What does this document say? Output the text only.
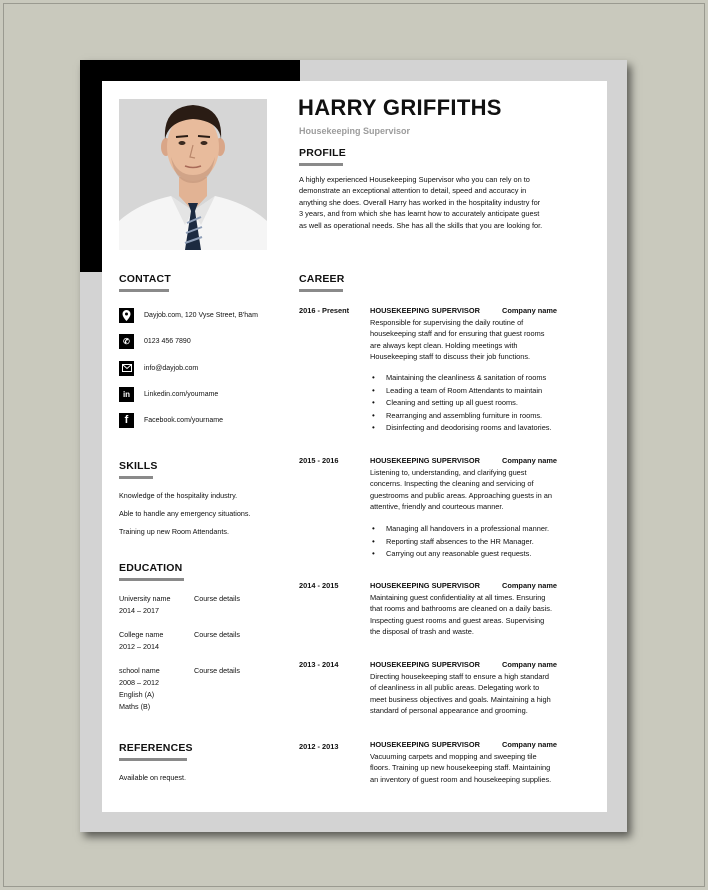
HARRY GRIFFITHS
Housekeeping Supervisor
PROFILE
A highly experienced Housekeeping Supervisor who you can rely on to
demonstrate an exceptional attention to detail, speed and accuracy in
anything she does. Overall Harry has worked in the hospitality industry for
3 years, and from which she has learnt how to accurately anticipate guest
as well as operational needs. She has all the skills that you are looking for.
CONTACT
Dayjob.com, 120 Vyse Street, B'ham
✆	0123 456 7890
info@dayjob.com
in	Linkedin.com/yourname
f	Facebook.com/yourname
SKILLS
Knowledge of the hospitality industry.
Able to handle any emergency situations.
Training up new Room Attendants.
EDUCATION
University name	Course details
2014 – 2017
College name	Course details
2012 – 2014
school name	Course details
2008 – 2012
English (A)
Maths (B)
REFERENCES
Available on request.
CAREER
2016 - Present	HOUSEKEEPING SUPERVISOR	Company name
Responsible for supervising the daily routine of
housekeeping staff and for ensuring that guest rooms
are always kept clean. Holding meetings with
Housekeeping staff to discuss their job functions.
• Maintaining the cleanliness & sanitation of rooms
• Leading a team of Room Attendants to maintain
• Cleaning and setting up all guest rooms.
• Rearranging and assembling furniture in rooms.
• Disinfecting and deodorising rooms and lavatories.
2015 - 2016	HOUSEKEEPING SUPERVISOR	Company name
Listening to, understanding, and clarifying guest
concerns. Inspecting the cleaning and servicing of
guestrooms and public areas. Approaching guests in an
attentive, friendly and courteous manner.
• Managing all handovers in a professional manner.
• Reporting staff absences to the HR Manager.
• Carrying out any reasonable guest requests.
2014 - 2015	HOUSEKEEPING SUPERVISOR	Company name
Maintaining guest confidentiality at all times. Ensuring
that rooms and bathrooms are cleaned on a daily basis.
Inspecting guest rooms and guest areas. Supervising
the disposal of trash and waste.
2013 - 2014	HOUSEKEEPING SUPERVISOR	Company name
Directing housekeeping staff to ensure a high standard
of cleanliness in all public areas. Delegating work to
meet business objectives and goals. Maintaining a high
standard of personal appearance and grooming.
2012 - 2013	HOUSEKEEPING SUPERVISOR	Company name
Vacuuming carpets and mopping and sweeping tile
floors. Training up new housekeeping staff. Maintaining
an inventory of guest room and housekeeping supplies.
